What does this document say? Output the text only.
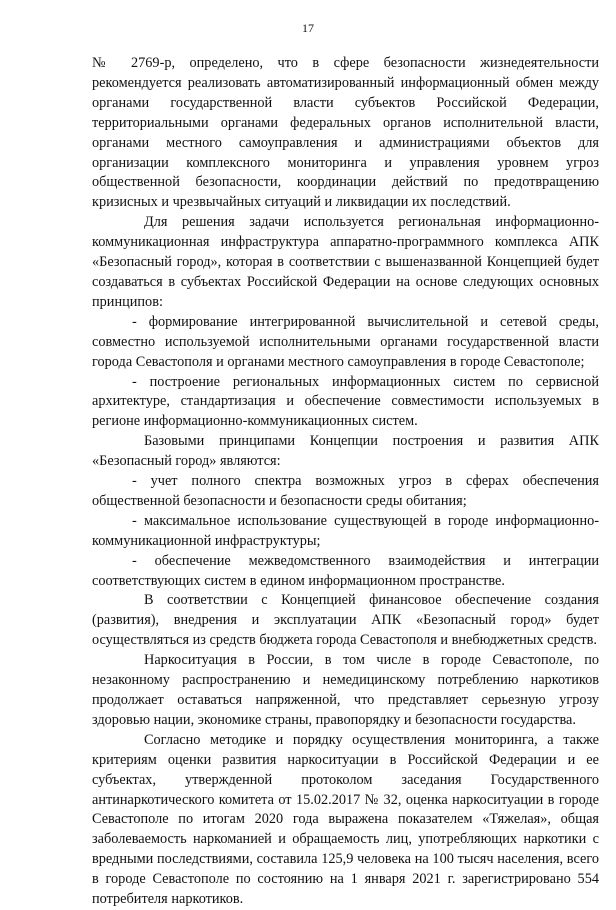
17

№ 2769-р, определено, что в сфере безопасности жизнедеятельности рекомендуется реализовать автоматизированный информационный обмен между органами государственной власти субъектов Российской Федерации, территориальными органами федеральных органов исполнительной власти, органами местного самоуправления и администрациями объектов для организации комплексного мониторинга и управления уровнем угроз общественной безопасности, координации действий по предотвращению кризисных и чрезвычайных ситуаций и ликвидации их последствий.

Для решения задачи используется региональная информационно-коммуникационная инфраструктура аппаратно-программного комплекса АПК «Безопасный город», которая в соответствии с вышеназванной Концепцией будет создаваться в субъектах Российской Федерации на основе следующих основных принципов:

- формирование интегрированной вычислительной и сетевой среды, совместно используемой исполнительными органами государственной власти города Севастополя и органами местного самоуправления в городе Севастополе;

- построение региональных информационных систем по сервисной архитектуре, стандартизация и обеспечение совместимости используемых в регионе информационно-коммуникационных систем.

Базовыми принципами Концепции построения и развития АПК «Безопасный город» являются:

- учет полного спектра возможных угроз в сферах обеспечения общественной безопасности и безопасности среды обитания;

- максимальное использование существующей в городе информационно-коммуникационной инфраструктуры;

- обеспечение межведомственного взаимодействия и интеграции соответствующих систем в едином информационном пространстве.

В соответствии с Концепцией финансовое обеспечение создания (развития), внедрения и эксплуатации АПК «Безопасный город» будет осуществляться из средств бюджета города Севастополя и внебюджетных средств.

Наркоситуация в России, в том числе в городе Севастополе, по незаконному распространению и немедицинскому потреблению наркотиков продолжает оставаться напряженной, что представляет серьезную угрозу здоровью нации, экономике страны, правопорядку и безопасности государства.

Согласно методике и порядку осуществления мониторинга, а также критериям оценки развития наркоситуации в Российской Федерации и ее субъектах, утвержденной протоколом заседания Государственного антинаркотического комитета от 15.02.2017 № 32, оценка наркоситуации в городе Севастополе по итогам 2020 года выражена показателем «Тяжелая», общая заболеваемость наркоманией и обращаемость лиц, употребляющих наркотики с вредными последствиями, составила 125,9 человека на 100 тысяч населения, всего в городе Севастополе по состоянию на 1 января 2021 г. зарегистрировано 554 потребителя наркотиков.
